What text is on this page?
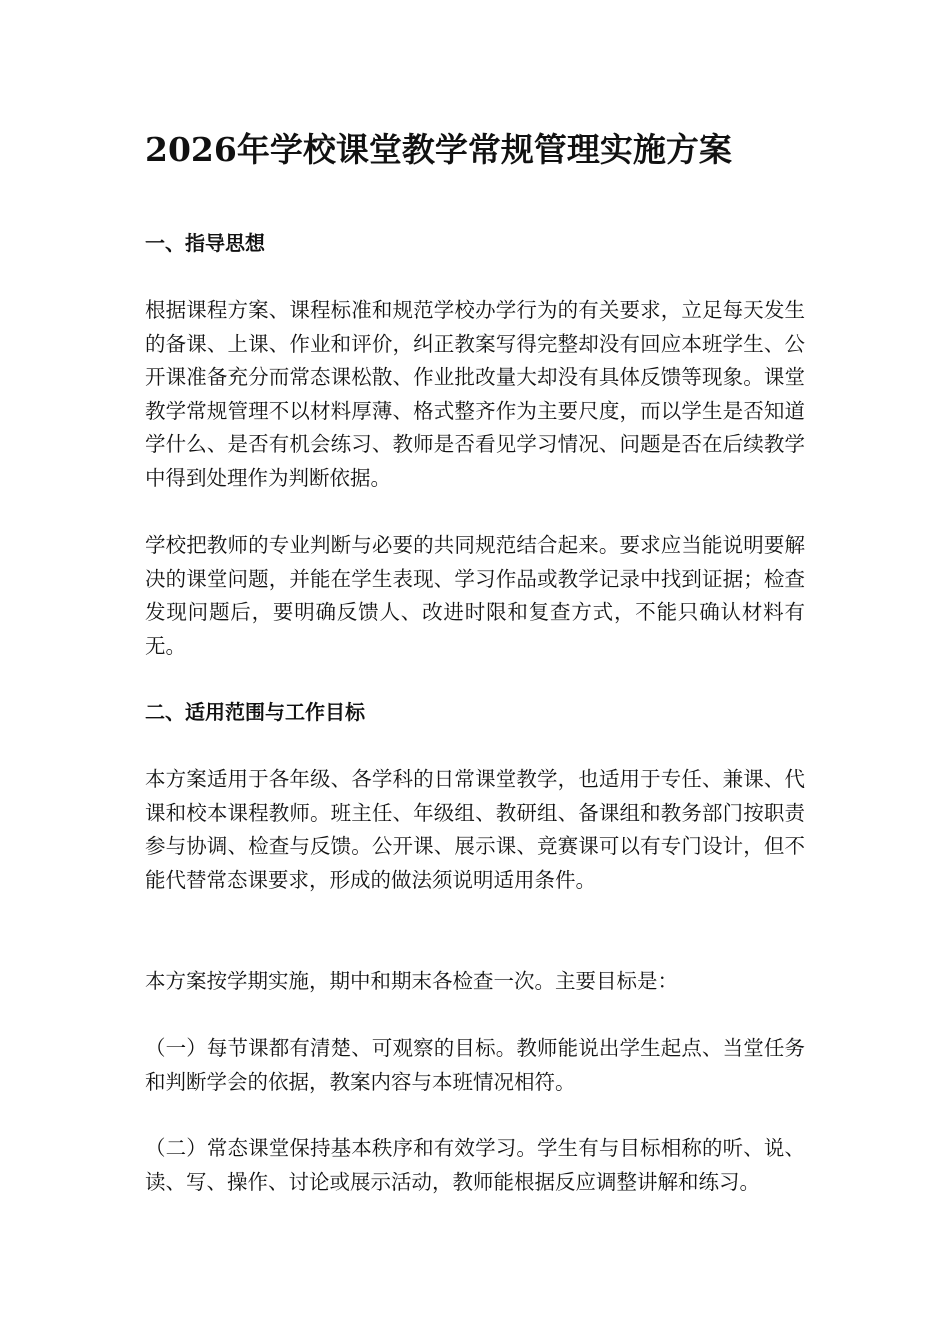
2026年学校课堂教学常规管理实施方案
一、指导思想

根据课程方案、课程标准和规范学校办学行为的有关要求，立足每天发生的备课、上课、作业和评价，纠正教案写得完整却没有回应本班学生、公开课准备充分而常态课松散、作业批改量大却没有具体反馈等现象。课堂教学常规管理不以材料厚薄、格式整齐作为主要尺度，而以学生是否知道学什么、是否有机会练习、教师是否看见学习情况、问题是否在后续教学中得到处理作为判断依据。

学校把教师的专业判断与必要的共同规范结合起来。要求应当能说明要解决的课堂问题，并能在学生表现、学习作品或教学记录中找到证据；检查发现问题后，要明确反馈人、改进时限和复查方式，不能只确认材料有无。

二、适用范围与工作目标

本方案适用于各年级、各学科的日常课堂教学，也适用于专任、兼课、代课和校本课程教师。班主任、年级组、教研组、备课组和教务部门按职责参与协调、检查与反馈。公开课、展示课、竞赛课可以有专门设计，但不能代替常态课要求，形成的做法须说明适用条件。

本方案按学期实施，期中和期末各检查一次。主要目标是：

（一）每节课都有清楚、可观察的目标。教师能说出学生起点、当堂任务和判断学会的依据，教案内容与本班情况相符。

（二）常态课堂保持基本秩序和有效学习。学生有与目标相称的听、说、读、写、操作、讨论或展示活动，教师能根据反应调整讲解和练习。
